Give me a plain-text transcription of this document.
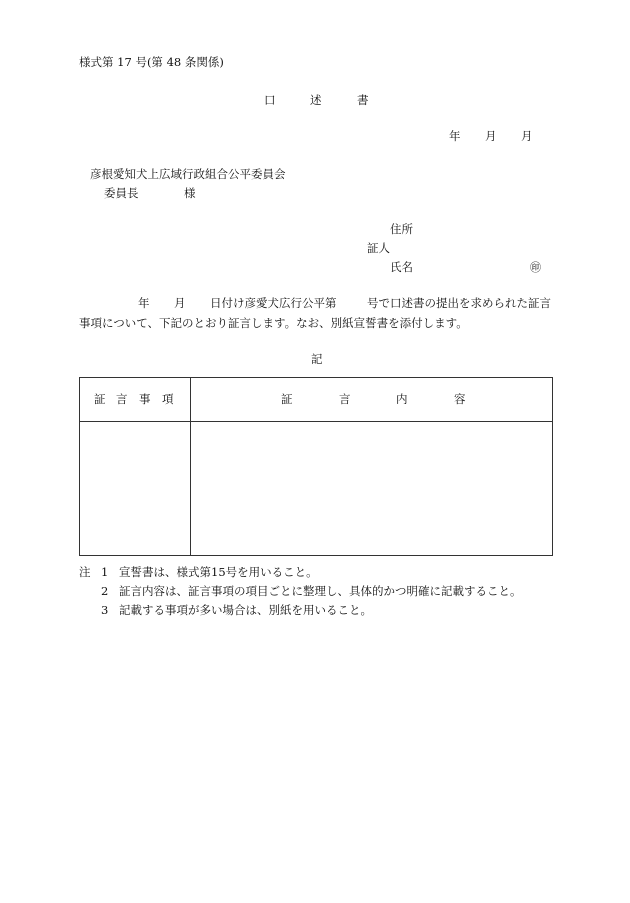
様式第 17 号(第 48 条関係)
口	述	書
年 月 月
彦根愛知犬上広域行政組合公平委員会
委員長	様
住所
証人
氏名	㊞
年 月 日付け彦愛犬広行公平第	号で口述書の提出を求められた証言
事項について、下記のとおり証言します。なお、別紙宣誓書を添付します。
記
証 言 事 項	証 言 内 容

注 1 宣誓書は、様式第15号を用いること。
2 証言内容は、証言事項の項目ごとに整理し、具体的かつ明確に記載すること。
3 記載する事項が多い場合は、別紙を用いること。
